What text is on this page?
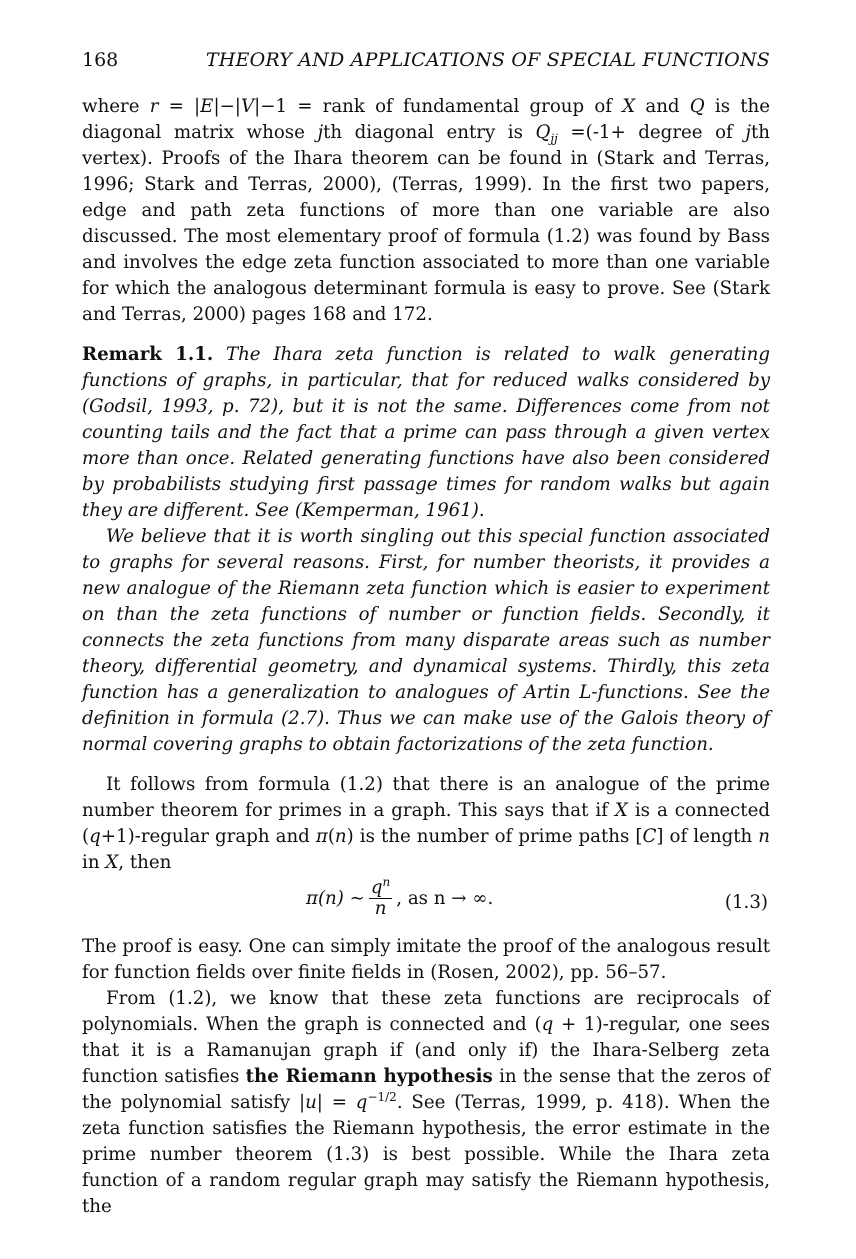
168	THEORY AND APPLICATIONS OF SPECIAL FUNCTIONS

where r = |E|−|V|−1 = rank of fundamental group of X and Q is the diagonal matrix whose jth diagonal entry is $Q_{jj} =(-1+$ degree of jth vertex). Proofs of the Ihara theorem can be found in (Stark and Terras, 1996; Stark and Terras, 2000), (Terras, 1999). In the first two papers, edge and path zeta functions of more than one variable are also discussed. The most elementary proof of formula (1.2) was found by Bass and involves the edge zeta function associated to more than one variable for which the analogous determinant formula is easy to prove. See (Stark and Terras, 2000) pages 168 and 172.

Remark 1.1. The Ihara zeta function is related to walk generating functions of graphs, in particular, that for reduced walks considered by (Godsil, 1993, p. 72), but it is not the same. Differences come from not counting tails and the fact that a prime can pass through a given vertex more than once. Related generating functions have also been considered by probabilists studying first passage times for random walks but again they are different. See (Kemperman, 1961).

We believe that it is worth singling out this special function associated to graphs for several reasons. First, for number theorists, it provides a new analogue of the Riemann zeta function which is easier to experiment on than the zeta functions of number or function fields. Secondly, it connects the zeta functions from many disparate areas such as number theory, differential geometry, and dynamical systems. Thirdly, this zeta function has a generalization to analogues of Artin L-functions. See the definition in formula (2.7). Thus we can make use of the Galois theory of normal covering graphs to obtain factorizations of the zeta function.

It follows from formula (1.2) that there is an analogue of the prime number theorem for primes in a graph. This says that if X is a connected (q+1)-regular graph and π(n) is the number of prime paths [C] of length n in X, then

π(n) ∼ $\frac{q^n}{n}$ , as n → ∞.	(1.3)

The proof is easy. One can simply imitate the proof of the analogous result for function fields over finite fields in (Rosen, 2002), pp. 56–57.

From (1.2), we know that these zeta functions are reciprocals of polynomials. When the graph is connected and (q + 1)-regular, one sees that it is a Ramanujan graph if (and only if) the Ihara-Selberg zeta function satisfies the Riemann hypothesis in the sense that the zeros of the polynomial satisfy $|u| = q^{-1/2}$. See (Terras, 1999, p. 418). When the zeta function satisfies the Riemann hypothesis, the error estimate in the prime number theorem (1.3) is best possible. While the Ihara zeta function of a random regular graph may satisfy the Riemann hypothesis, the
